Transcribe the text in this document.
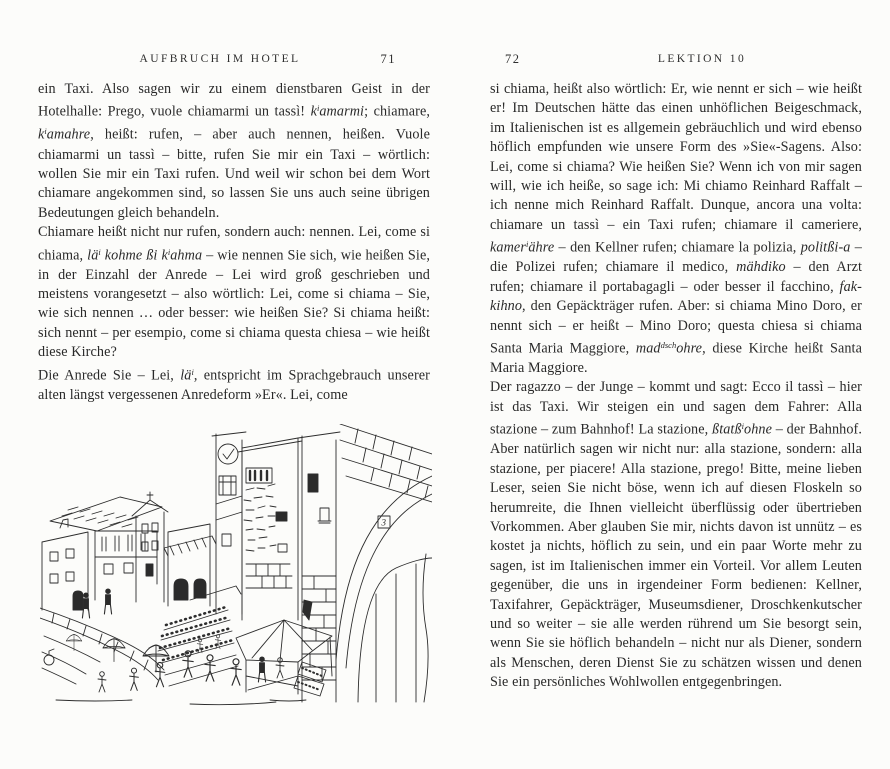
AUFBRUCH IM HOTEL	71

ein Taxi. Also sagen wir zu einem dienstbaren Geist in der Hotelhalle: Prego, vuole chiamarmi un tassì! $k^iamarmi$; chiamare, $k^iamahre$, heißt: rufen, – aber auch nennen, heißen. Vuole chiamarmi un tassì – bitte, rufen Sie mir ein Taxi – wörtlich: wollen Sie mir ein Taxi rufen. Und weil wir schon bei dem Wort chiamare angekommen sind, so lassen Sie uns auch seine übrigen Bedeutungen gleich behandeln.

Chiamare heißt nicht nur rufen, sondern auch: nennen. Lei, come si chiama, $lä^i$ kohme ßi $k^iahma$ – wie nennen Sie sich, wie heißen Sie, in der Einzahl der Anrede – Lei wird groß geschrieben und meistens vorangesetzt – also wörtlich: Lei, come si chiama – Sie, wie sich nennen … oder besser: wie heißen Sie? Si chiama heißt: sich nennt – per esempio, come si chiama questa chiesa – wie heißt diese Kirche?

Die Anrede Sie – Lei, $lä^i$, entspricht im Sprachgebrauch unserer alten längst vergessenen Anredeform »Er«. Lei, come

3
72	LEKTION 10

si chiama, heißt also wörtlich: Er, wie nennt er sich – wie heißt er! Im Deutschen hätte das einen unhöflichen Beigeschmack, im Italienischen ist es allgemein gebräuchlich und wird ebenso höflich empfunden wie unsere Form des »Sie«-Sagens. Also: Lei, come si chiama? Wie heißen Sie? Wenn ich von mir sagen will, wie ich heiße, so sage ich: Mi chiamo Reinhard Raffalt – ich nenne mich Reinhard Raffalt. Dunque, ancora una volta: chiamare un tassì – ein Taxi rufen; chiamare il cameriere, kamer$^i$ähre – den Kellner rufen; chiamare la polizia, politßi-a – die Polizei rufen; chiamare il medico, mähdiko – den Arzt rufen; chiamare il portabagagli – oder besser il facchino, fak-kihno, den Gepäckträger rufen. Aber: si chiama Mino Doro, er nennt sich – er heißt – Mino Doro; questa chiesa si chiama Santa Maria Maggiore, mad$^{dsch}$ohre, diese Kirche heißt Santa Maria Maggiore.

Der ragazzo – der Junge – kommt und sagt: Ecco il tassì – hier ist das Taxi. Wir steigen ein und sagen dem Fahrer: Alla stazione – zum Bahnhof! La stazione, ßtatß$^i$ohne – der Bahnhof. Aber natürlich sagen wir nicht nur: alla stazione, sondern: alla stazione, per piacere! Alla stazione, prego! Bitte, meine lieben Leser, seien Sie nicht böse, wenn ich auf diesen Floskeln so herumreite, die Ihnen vielleicht überflüssig oder übertrieben Vorkommen. Aber glauben Sie mir, nichts davon ist unnütz – es kostet ja nichts, höflich zu sein, und ein paar Worte mehr zu sagen, ist im Italienischen immer ein Vorteil. Vor allem Leuten gegenüber, die uns in irgendeiner Form bedienen: Kellner, Taxifahrer, Gepäckträger, Museumsdiener, Droschkenkutscher und so weiter – sie alle werden rührend um Sie besorgt sein, wenn Sie sie höflich behandeln – nicht nur als Diener, sondern als Menschen, deren Dienst Sie zu schätzen wissen und denen Sie ein persönliches Wohlwollen entgegenbringen.
